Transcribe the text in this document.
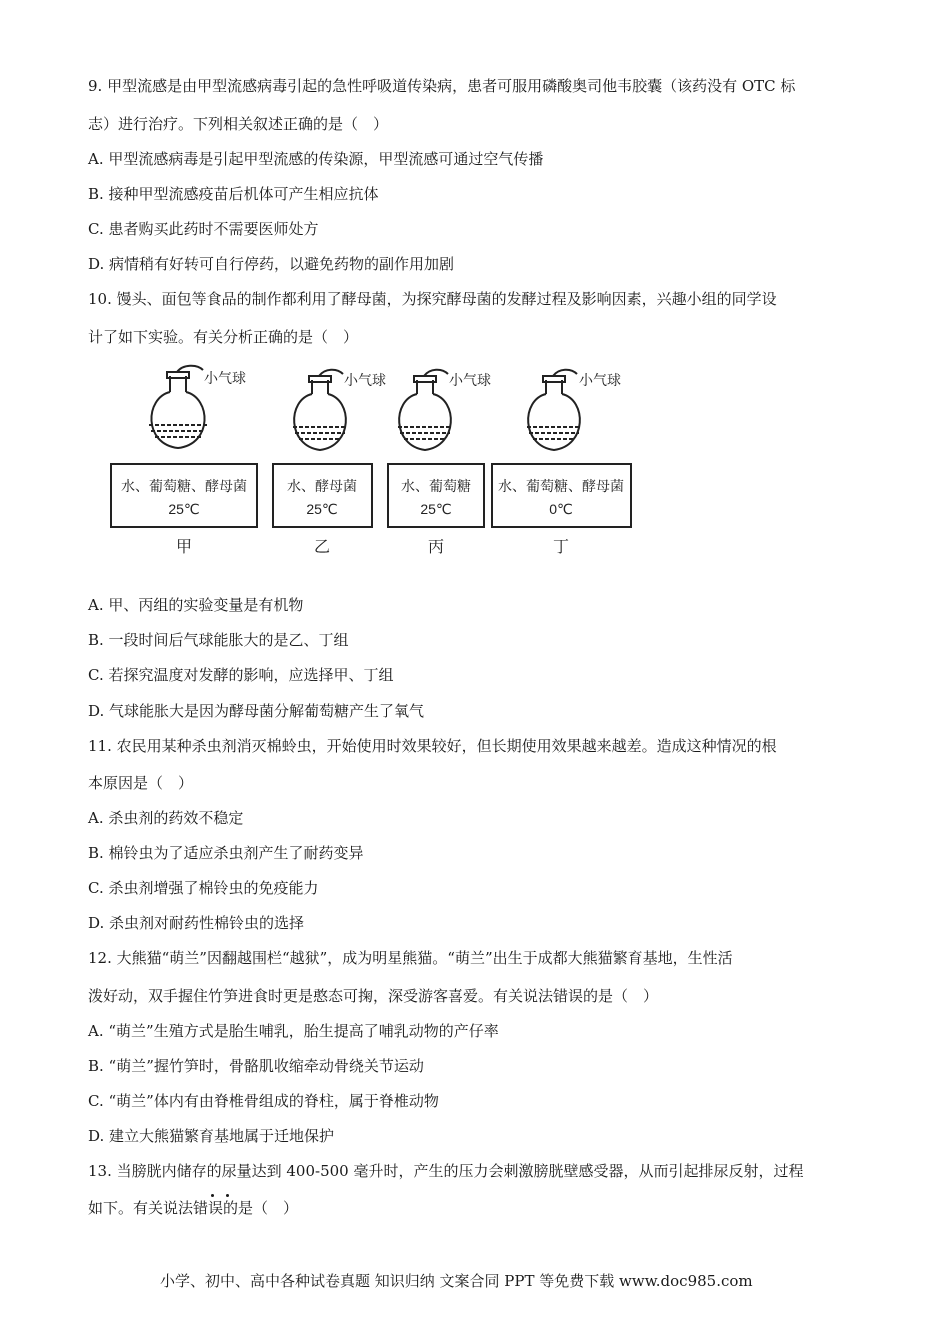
9. 甲型流感是由甲型流感病毒引起的急性呼吸道传染病，患者可服用磷酸奥司他韦胶囊（该药没有 OTC 标
志）进行治疗。下列相关叙述正确的是（　）
A. 甲型流感病毒是引起甲型流感的传染源，甲型流感可通过空气传播
B. 接种甲型流感疫苗后机体可产生相应抗体
C. 患者购买此药时不需要医师处方
D. 病情稍有好转可自行停药，以避免药物的副作用加剧
10. 馒头、面包等食品的制作都利用了酵母菌，为探究酵母菌的发酵过程及影响因素，兴趣小组的同学设
计了如下实验。有关分析正确的是（　）
小气球	小气球	小气球	小气球
水、葡萄糖、酵母菌
25℃
水、酵母菌
25℃
水、葡萄糖
25℃
水、葡萄糖、酵母菌
0℃
甲	乙	丙	丁
A. 甲、丙组的实验变量是有机物
B. 一段时间后气球能胀大的是乙、丁组
C. 若探究温度对发酵的影响，应选择甲、丁组
D. 气球能胀大是因为酵母菌分解葡萄糖产生了氧气
11. 农民用某种杀虫剂消灭棉蛉虫，开始使用时效果较好，但长期使用效果越来越差。造成这种情况的根
本原因是（　）
A. 杀虫剂的药效不稳定
B. 棉铃虫为了适应杀虫剂产生了耐药变异
C. 杀虫剂增强了棉铃虫的免疫能力
D. 杀虫剂对耐药性棉铃虫的选择
12. 大熊猫“萌兰”因翻越围栏“越狱”，成为明星熊猫。“萌兰”出生于成都大熊猫繁育基地，生性活
泼好动，双手握住竹笋进食时更是憨态可掬，深受游客喜爱。有关说法错误的是（　）
A. “萌兰”生殖方式是胎生哺乳，胎生提高了哺乳动物的产仔率
B. “萌兰”握竹笋时，骨骼肌收缩牵动骨绕关节运动
C. “萌兰”体内有由脊椎骨组成的脊柱，属于脊椎动物
D. 建立大熊猫繁育基地属于迁地保护
13. 当膀胱内储存的尿量达到 400-500 毫升时，产生的压力会刺激膀胱壁感受器，从而引起排尿反射，过程
如下。有关说法错误的是（　）
小学、初中、高中各种试卷真题 知识归纳 文案合同 PPT 等免费下载 www.doc985.com
